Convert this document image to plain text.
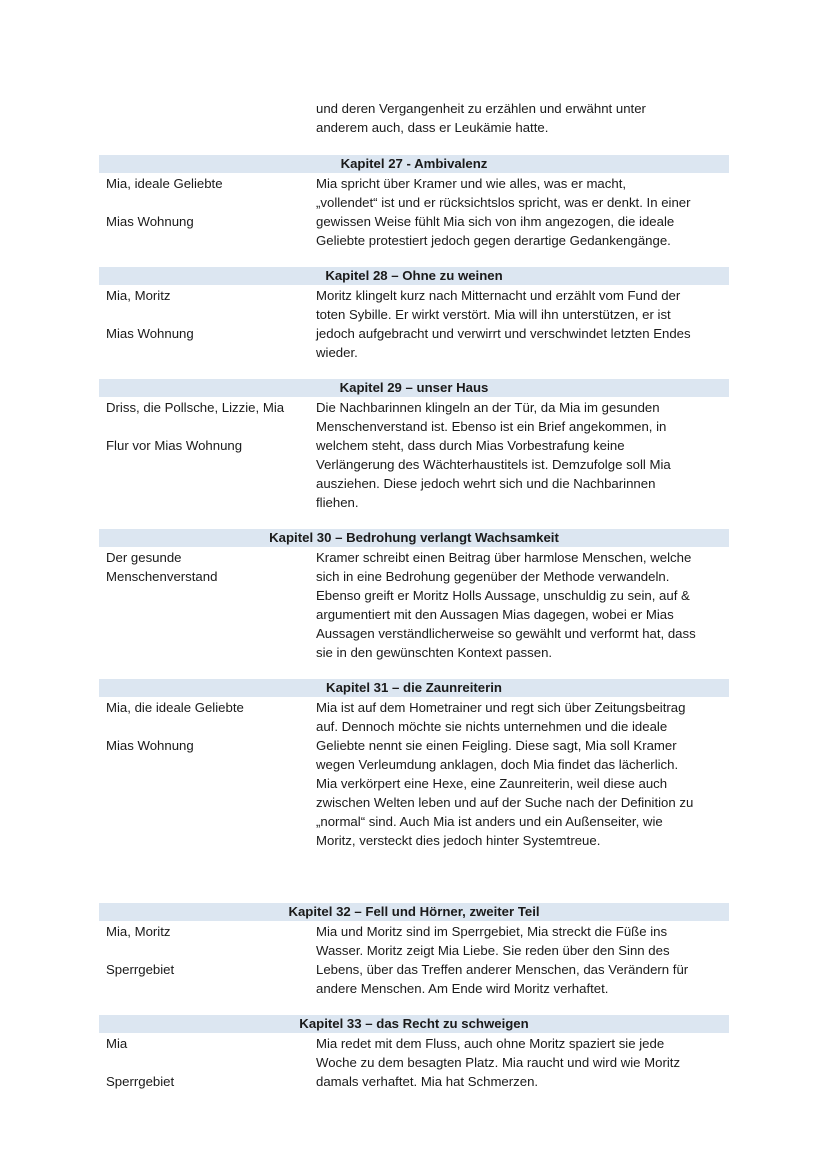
und deren Vergangenheit zu erzählen und erwähnt unter

anderem auch, dass er Leukämie hatte.

Kapitel 27 - Ambivalenz

Mia, ideale Geliebte

Mias Wohnung

Mia spricht über Kramer und wie alles, was er macht,

„vollendet“ ist und er rücksichtslos spricht, was er denkt. In einer

gewissen Weise fühlt Mia sich von ihm angezogen, die ideale

Geliebte protestiert jedoch gegen derartige Gedankengänge.

Kapitel 28 – Ohne zu weinen

Mia, Moritz

Mias Wohnung

Moritz klingelt kurz nach Mitternacht und erzählt vom Fund der

toten Sybille. Er wirkt verstört. Mia will ihn unterstützen, er ist

jedoch aufgebracht und verwirrt und verschwindet letzten Endes

wieder.

Kapitel 29 – unser Haus

Driss, die Pollsche, Lizzie, Mia

Flur vor Mias Wohnung

Die Nachbarinnen klingeln an der Tür, da Mia im gesunden

Menschenverstand ist. Ebenso ist ein Brief angekommen, in

welchem steht, dass durch Mias Vorbestrafung keine

Verlängerung des Wächterhaustitels ist. Demzufolge soll Mia

ausziehen. Diese jedoch wehrt sich und die Nachbarinnen

fliehen.

Kapitel 30 – Bedrohung verlangt Wachsamkeit

Der gesunde

Menschenverstand

Kramer schreibt einen Beitrag über harmlose Menschen, welche

sich in eine Bedrohung gegenüber der Methode verwandeln.

Ebenso greift er Moritz Holls Aussage, unschuldig zu sein, auf &

argumentiert mit den Aussagen Mias dagegen, wobei er Mias

Aussagen verständlicherweise so gewählt und verformt hat, dass

sie in den gewünschten Kontext passen.

Kapitel 31 – die Zaunreiterin

Mia, die ideale Geliebte

Mias Wohnung

Mia ist auf dem Hometrainer und regt sich über Zeitungsbeitrag

auf. Dennoch möchte sie nichts unternehmen und die ideale

Geliebte nennt sie einen Feigling. Diese sagt, Mia soll Kramer

wegen Verleumdung anklagen, doch Mia findet das lächerlich.

Mia verkörpert eine Hexe, eine Zaunreiterin, weil diese auch

zwischen Welten leben und auf der Suche nach der Definition zu

„normal“ sind. Auch Mia ist anders und ein Außenseiter, wie

Moritz, versteckt dies jedoch hinter Systemtreue.

Kapitel 32 – Fell und Hörner, zweiter Teil

Mia, Moritz

Sperrgebiet

Mia und Moritz sind im Sperrgebiet, Mia streckt die Füße ins

Wasser. Moritz zeigt Mia Liebe. Sie reden über den Sinn des

Lebens, über das Treffen anderer Menschen, das Verändern für

andere Menschen. Am Ende wird Moritz verhaftet.

Kapitel 33 – das Recht zu schweigen

Mia

Sperrgebiet

Mia redet mit dem Fluss, auch ohne Moritz spaziert sie jede

Woche zu dem besagten Platz. Mia raucht und wird wie Moritz

damals verhaftet. Mia hat Schmerzen.
